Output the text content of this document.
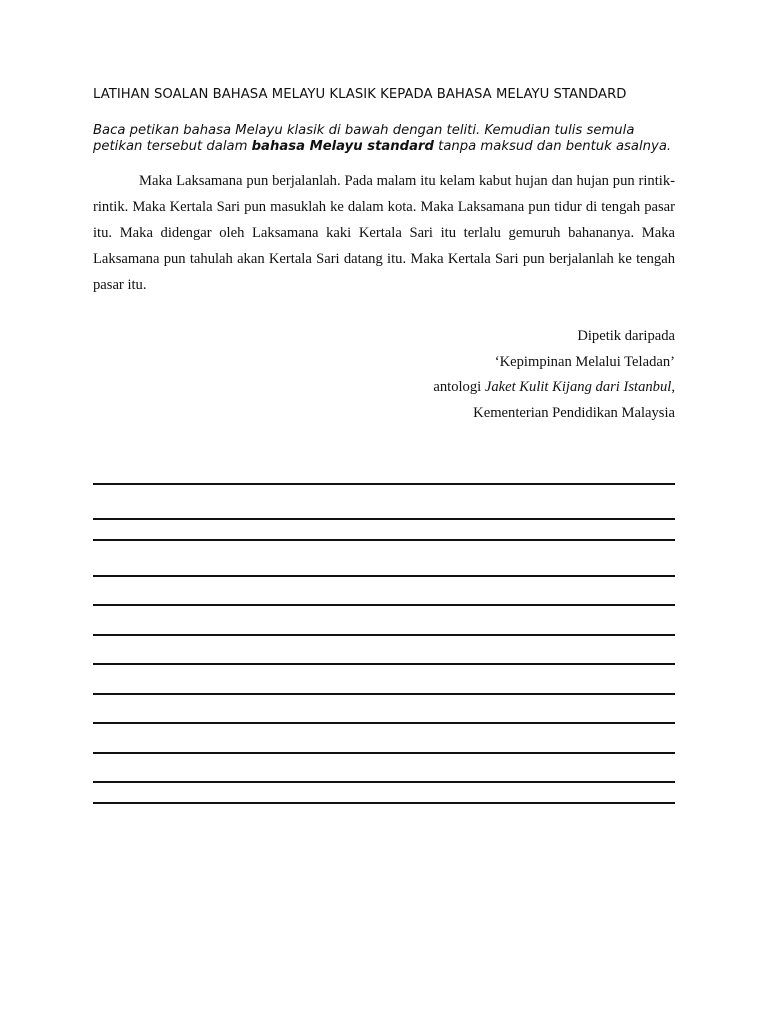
LATIHAN SOALAN BAHASA MELAYU KLASIK KEPADA BAHASA MELAYU STANDARD

Baca petikan bahasa Melayu klasik di bawah dengan teliti. Kemudian tulis semula petikan tersebut dalam bahasa Melayu standard tanpa maksud dan bentuk asalnya.

Maka Laksamana pun berjalanlah. Pada malam itu kelam kabut hujan dan hujan pun rintik-rintik. Maka Kertala Sari pun masuklah ke dalam kota. Maka Laksamana pun tidur di tengah pasar itu. Maka didengar oleh Laksamana kaki Kertala Sari itu terlalu gemuruh bahananya. Maka Laksamana pun tahulah akan Kertala Sari datang itu. Maka Kertala Sari pun berjalanlah ke tengah pasar itu.

Dipetik daripada
‘Kepimpinan Melalui Teladan’
antologi Jaket Kulit Kijang dari Istanbul,
Kementerian Pendidikan Malaysia
